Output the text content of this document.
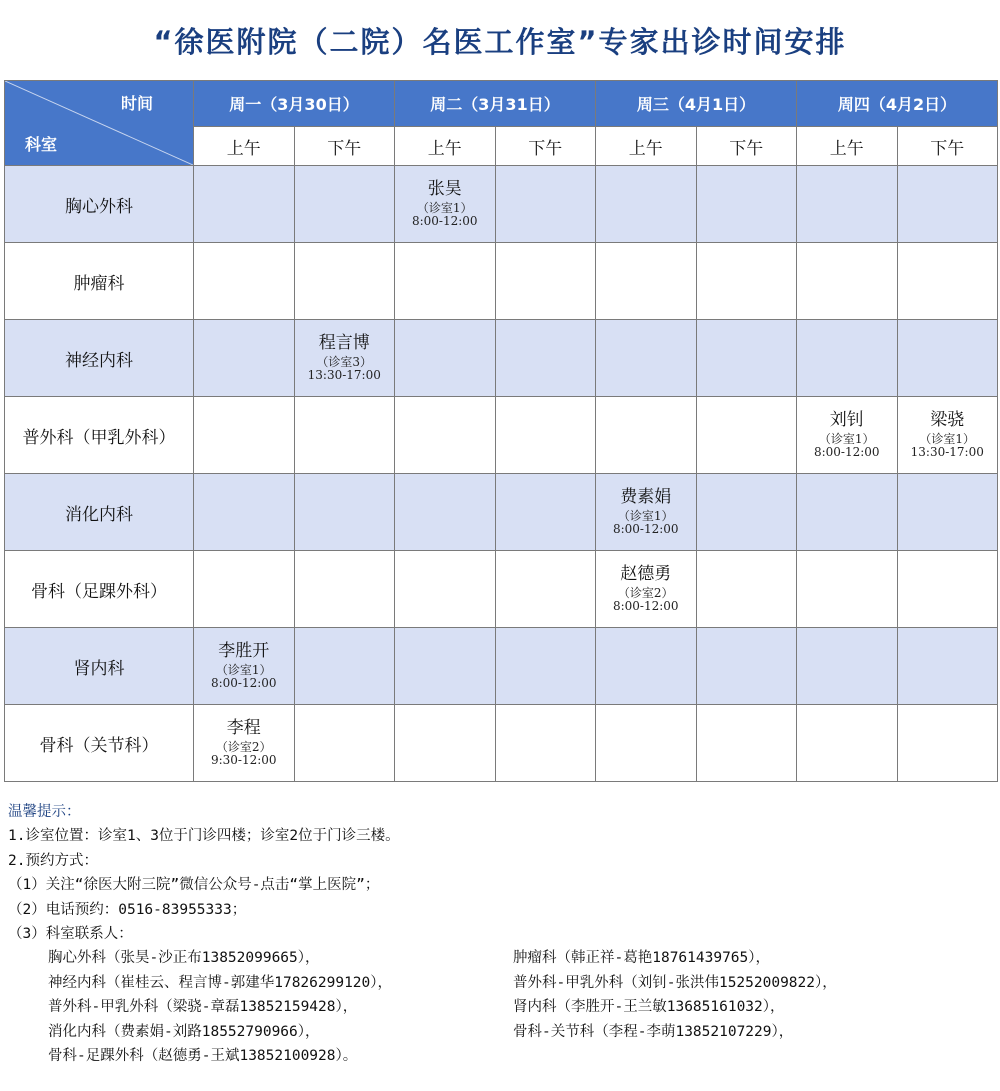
“徐医附院（二院）名医工作室”专家出诊时间安排
时间
科室	周一（3月30日）		周二（3月31日）		周三（4月1日）		周四（4月2日）	
	上午	下午	上午	下午	上午	下午	上午	下午
胸心外科			张昊
（诊室1）
8:00-12:00					

肿瘤科								
神经内科		程言博
（诊室3）
13:30-17:00						

普外科（甲乳外科）							刘钊
（诊室1）
8:00-12:00	梁骁
（诊室1）
13:30-17:00

消化内科					费素娟
（诊室1）
8:00-12:00			

骨科（足踝外科）					赵德勇
（诊室2）
8:00-12:00			

肾内科	李胜开
（诊室1）
8:00-12:00							

骨科（关节科）	李程
（诊室2）
9:30-12:00							

温馨提示：
1.诊室位置：诊室1、3位于门诊四楼；诊室2位于门诊三楼。
2.预约方式：
（1）关注“徐医大附三院”微信公众号-点击“掌上医院”；
（2）电话预约：0516-83955333；
（3）科室联系人：
胸心外科（张昊-沙正布13852099665），	肿瘤科（韩正祥-葛艳18761439765），
神经内科（崔桂云、程言博-郭建华17826299120），	普外科-甲乳外科（刘钊-张洪伟15252009822），
普外科-甲乳外科（梁骁-章磊13852159428），	肾内科（李胜开-王兰敏13685161032），
消化内科（费素娟-刘路18552790966），	骨科-关节科（李程-李萌13852107229），
骨科-足踝外科（赵德勇-王斌13852100928）。
